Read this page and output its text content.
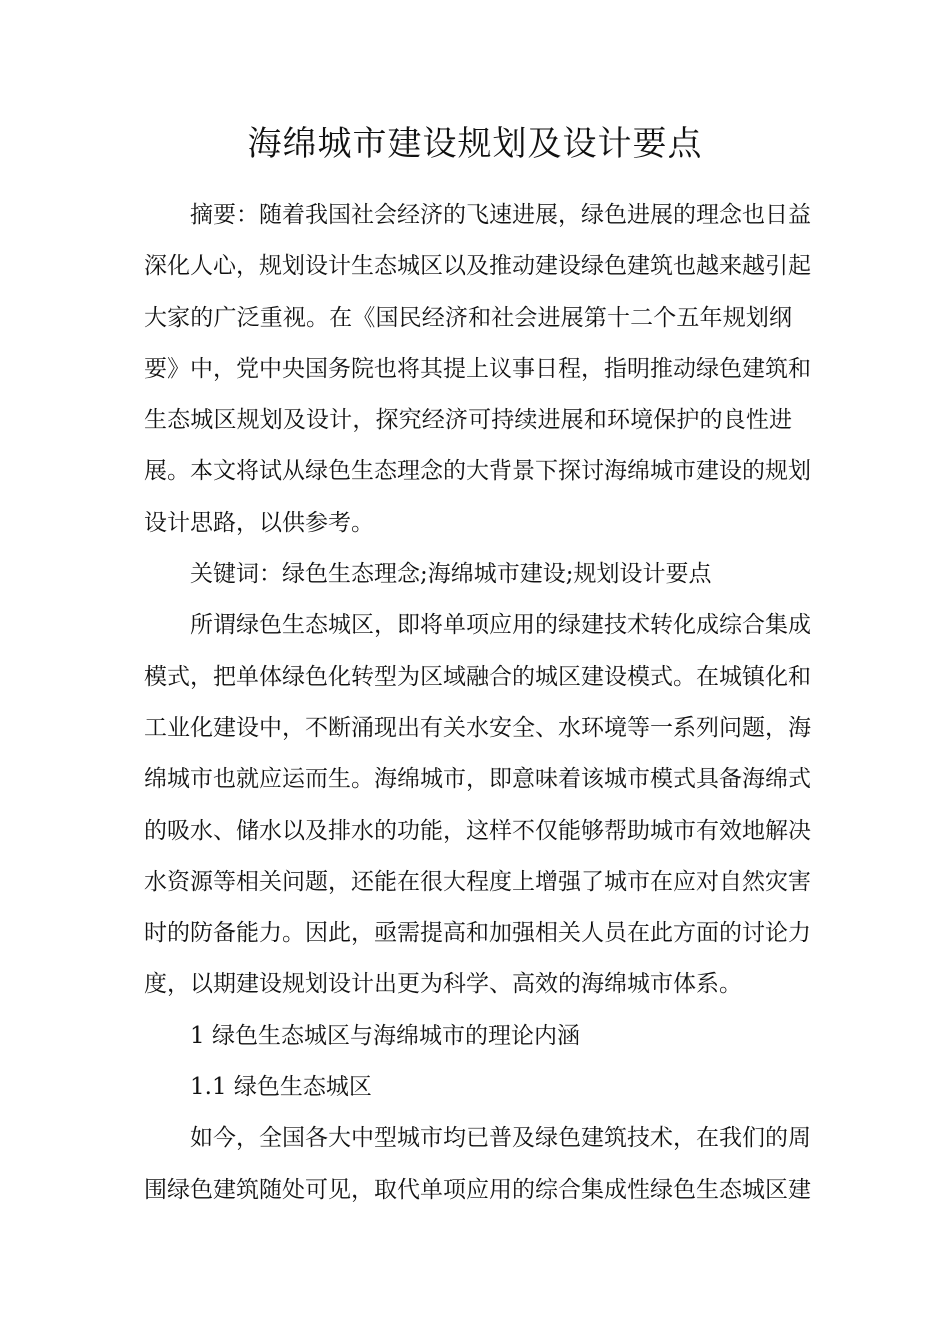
海绵城市建设规划及设计要点

摘要：随着我国社会经济的飞速进展，绿色进展的理念也日益
深化人心，规划设计生态城区以及推动建设绿色建筑也越来越引起
大家的广泛重视。在《国民经济和社会进展第十二个五年规划纲
要》中，党中央国务院也将其提上议事日程，指明推动绿色建筑和
生态城区规划及设计，探究经济可持续进展和环境保护的良性进
展。本文将试从绿色生态理念的大背景下探讨海绵城市建设的规划
设计思路，以供参考。

关键词：绿色生态理念;海绵城市建设;规划设计要点

所谓绿色生态城区，即将单项应用的绿建技术转化成综合集成
模式，把单体绿色化转型为区域融合的城区建设模式。在城镇化和
工业化建设中，不断涌现出有关水安全、水环境等一系列问题，海
绵城市也就应运而生。海绵城市，即意味着该城市模式具备海绵式
的吸水、储水以及排水的功能，这样不仅能够帮助城市有效地解决
水资源等相关问题，还能在很大程度上增强了城市在应对自然灾害
时的防备能力。因此，亟需提高和加强相关人员在此方面的讨论力
度，以期建设规划设计出更为科学、高效的海绵城市体系。

1 绿色生态城区与海绵城市的理论内涵

1.1 绿色生态城区

如今，全国各大中型城市均已普及绿色建筑技术，在我们的周
围绿色建筑随处可见，取代单项应用的综合集成性绿色生态城区建
